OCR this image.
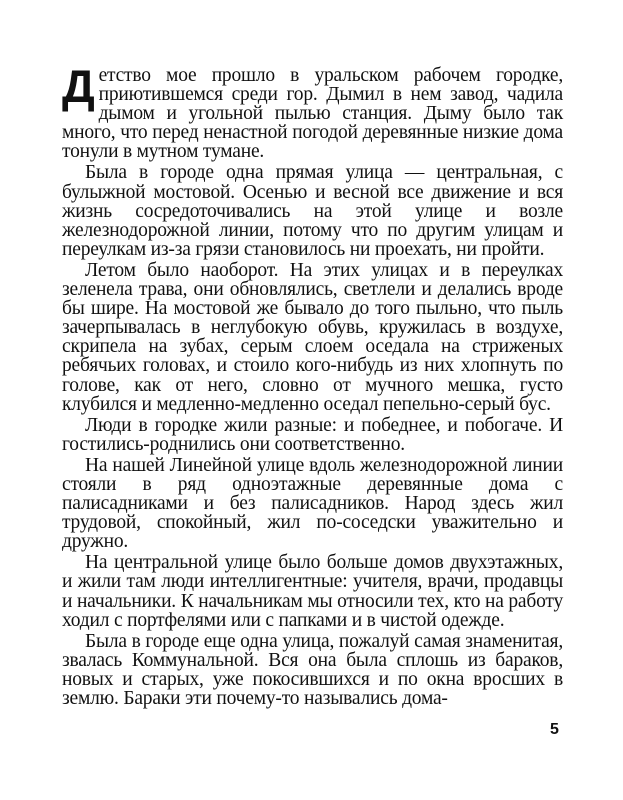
Детство мое прошло в уральском рабочем городке, приютившемся среди гор. Дымил в нем завод, чадила дымом и угольной пылью станция. Дыму было так много, что перед ненастной погодой деревянные низкие дома тонули в мутном тумане.

Была в городе одна прямая улица — центральная, с булыжной мостовой. Осенью и весной все движение и вся жизнь сосредоточивались на этой улице и возле железнодорожной линии, потому что по другим улицам и переулкам из-за грязи становилось ни проехать, ни пройти.

Летом было наоборот. На этих улицах и в переулках зеленела трава, они обновлялись, светлели и делались вроде бы шире. На мостовой же бывало до того пыльно, что пыль зачерпывалась в неглубокую обувь, кружилась в воздухе, скрипела на зубах, серым слоем оседала на стриженых ребячьих головах, и стоило кого-нибудь из них хлопнуть по голове, как от него, словно от мучного мешка, густо клубился и медленно-медленно оседал пепельно-серый бус.

Люди в городке жили разные: и победнее, и побогаче. И гостились-роднились они соответственно.

На нашей Линейной улице вдоль железнодорожной линии стояли в ряд одноэтажные деревянные дома с палисадниками и без палисадников. Народ здесь жил трудовой, спокойный, жил по-соседски уважительно и дружно.

На центральной улице было больше домов двухэтажных, и жили там люди интеллигентные: учителя, врачи, продавцы и начальники. К начальникам мы относили тех, кто на работу ходил с портфелями или с папками и в чистой одежде.

Была в городе еще одна улица, пожалуй самая знаменитая, звалась Коммунальной. Вся она была сплошь из бараков, новых и старых, уже покосившихся и по окна вросших в землю. Бараки эти почему-то назывались дома-

5
